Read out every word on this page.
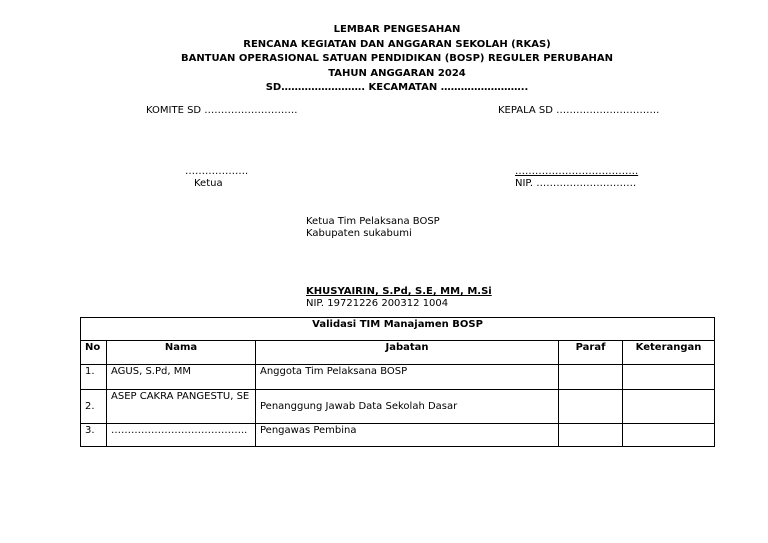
LEMBAR PENGESAHAN
RENCANA KEGIATAN DAN ANGGARAN SEKOLAH (RKAS)
BANTUAN OPERASIONAL SATUAN PENDIDIKAN (BOSP) REGULER PERUBAHAN
TAHUN ANGGARAN 2024
SD……………………. KECAMATAN ……………………..
KOMITE SD ……………………….	KEPALA SD ………………………….
……………….
Ketua
……………………………….
NIP. …………………………
Ketua Tim Pelaksana BOSP
Kabupaten sukabumi
KHUSYAIRIN, S.Pd, S.E, MM, M.Si
NIP. 19721226 200312 1004
Validasi TIM Manajamen BOSP				
No	Nama	Jabatan	Paraf	Keterangan
1.	AGUS, S.Pd, MM	Anggota Tim Pelaksana BOSP		
2.	ASEP CAKRA PANGESTU, SE	Penanggung Jawab Data Sekolah Dasar		
3.	…………………………………..	Pengawas Pembina		
